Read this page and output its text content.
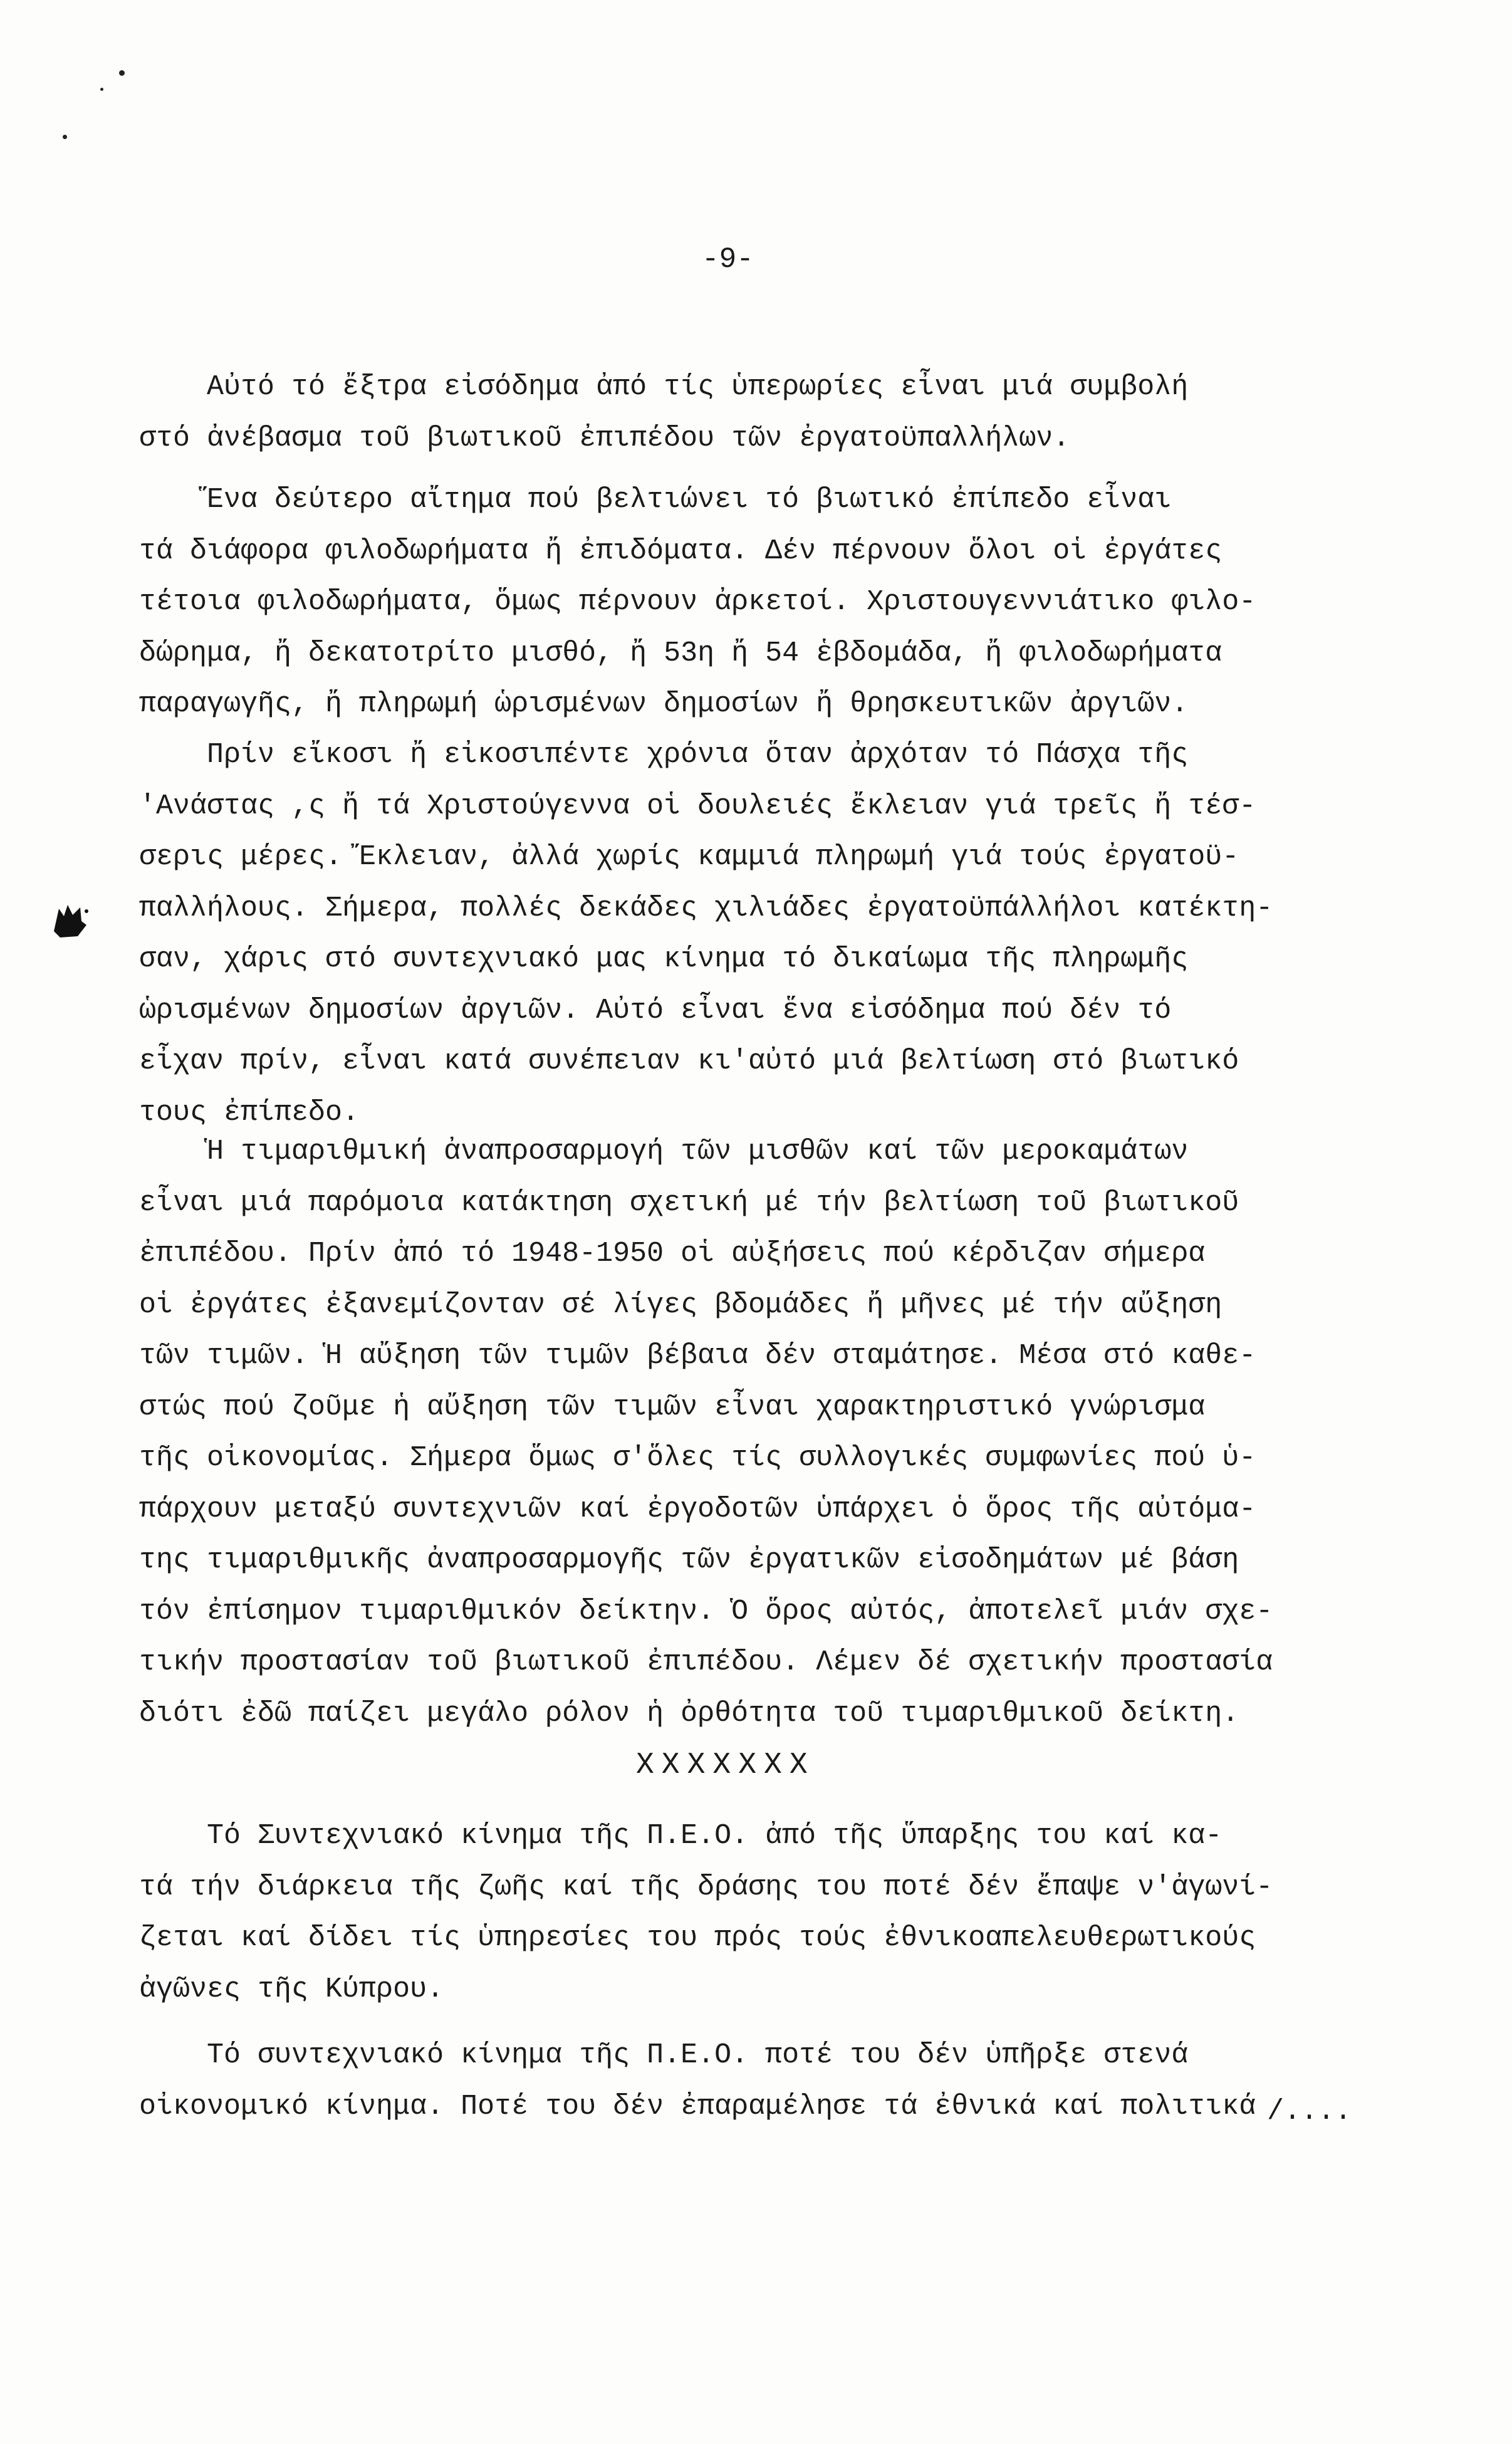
-9-
Αὐτό τό ἔξτρα εἰσόδημα ἀπό τίς ὑπερωρίες εἶναι μιά συμβολή
στό ἀνέβασμα τοῦ βιωτικοῦ ἐπιπέδου τῶν ἐργατοϋπαλλήλων.
Ἕνα δεύτερο αἴτημα πού βελτιώνει τό βιωτικό ἐπίπεδο εἶναι
τά διάφορα φιλοδωρήματα ἤ ἐπιδόματα. Δέν πέρνουν ὅλοι οἱ ἐργάτες
τέτοια φιλοδωρήματα, ὅμως πέρνουν ἀρκετοί. Χριστουγεννιάτικο φιλο-
δώρημα, ἤ δεκατοτρίτο μισθό, ἤ 53η ἤ 54 ἑβδομάδα, ἤ φιλοδωρήματα
παραγωγῆς, ἤ πληρωμή ὡρισμένων δημοσίων ἤ θρησκευτικῶν ἀργιῶν.
Πρίν εἴκοσι ἤ εἰκοσιπέντε χρόνια ὅταν ἀρχόταν τό Πάσχα τῆς
'Ανάστας ,ς ἤ τά Χριστούγεννα οἱ δουλειές ἔκλειαν γιά τρεῖς ἤ τέσ-
σερις μέρες. Ἔκλειαν, ἀλλά χωρίς καμμιά πληρωμή γιά τούς ἐργατοϋ-
παλλήλους. Σήμερα, πολλές δεκάδες χιλιάδες ἐργατοϋπάλλήλοι κατέκτη-
σαν, χάρις στό συντεχνιακό μας κίνημα τό δικαίωμα τῆς πληρωμῆς
ὡρισμένων δημοσίων ἀργιῶν. Αὐτό εἶναι ἕνα εἰσόδημα πού δέν τό
εἶχαν πρίν, εἶναι κατά συνέπειαν κι'αὐτό μιά βελτίωση στό βιωτικό
τους ἐπίπεδο.
Ἡ τιμαριθμική ἀναπροσαρμογή τῶν μισθῶν καί τῶν μεροκαμάτων
εἶναι μιά παρόμοια κατάκτηση σχετική μέ τήν βελτίωση τοῦ βιωτικοῦ
ἐπιπέδου. Πρίν ἀπό τό 1948-1950 οἱ αὐξήσεις πού κέρδιζαν σήμερα
οἱ ἐργάτες ἐξανεμίζονταν σέ λίγες βδομάδες ἤ μῆνες μέ τήν αὔξηση
τῶν τιμῶν. Ἡ αὔξηση τῶν τιμῶν βέβαια δέν σταμάτησε. Μέσα στό καθε-
στώς πού ζοῦμε ἡ αὔξηση τῶν τιμῶν εἶναι χαρακτηριστικό γνώρισμα
τῆς οἰκονομίας. Σήμερα ὅμως σ'ὅλες τίς συλλογικές συμφωνίες πού ὑ-
πάρχουν μεταξύ συντεχνιῶν καί ἐργοδοτῶν ὑπάρχει ὁ ὅρος τῆς αὐτόμα-
της τιμαριθμικῆς ἀναπροσαρμογῆς τῶν ἐργατικῶν εἰσοδημάτων μέ βάση
τόν ἐπίσημον τιμαριθμικόν δείκτην. Ὁ ὅρος αὐτός, ἀποτελεῖ μιάν σχε-
τικήν προστασίαν τοῦ βιωτικοῦ ἐπιπέδου. Λέμεν δέ σχετικήν προστασία
διότι ἐδῶ παίζει μεγάλο ρόλον ἡ ὀρθότητα τοῦ τιμαριθμικοῦ δείκτη.
Τό Συντεχνιακό κίνημα τῆς Π.Ε.Ο. ἀπό τῆς ὕπαρξης του καί κα-
τά τήν διάρκεια τῆς ζωῆς καί τῆς δράσης του ποτέ δέν ἔπαψε ν'ἀγωνί-
ζεται καί δίδει τίς ὑπηρεσίες του πρός τούς ἐθνικοαπελευθερωτικούς
ἀγῶνες τῆς Κύπρου.
Τό συντεχνιακό κίνημα τῆς Π.Ε.Ο. ποτέ του δέν ὑπῆρξε στενά
οἰκονομικό κίνημα. Ποτέ του δέν ἐπαραμέλησε τά ἐθνικά καί πολιτικά
XXXXXXX
/....
